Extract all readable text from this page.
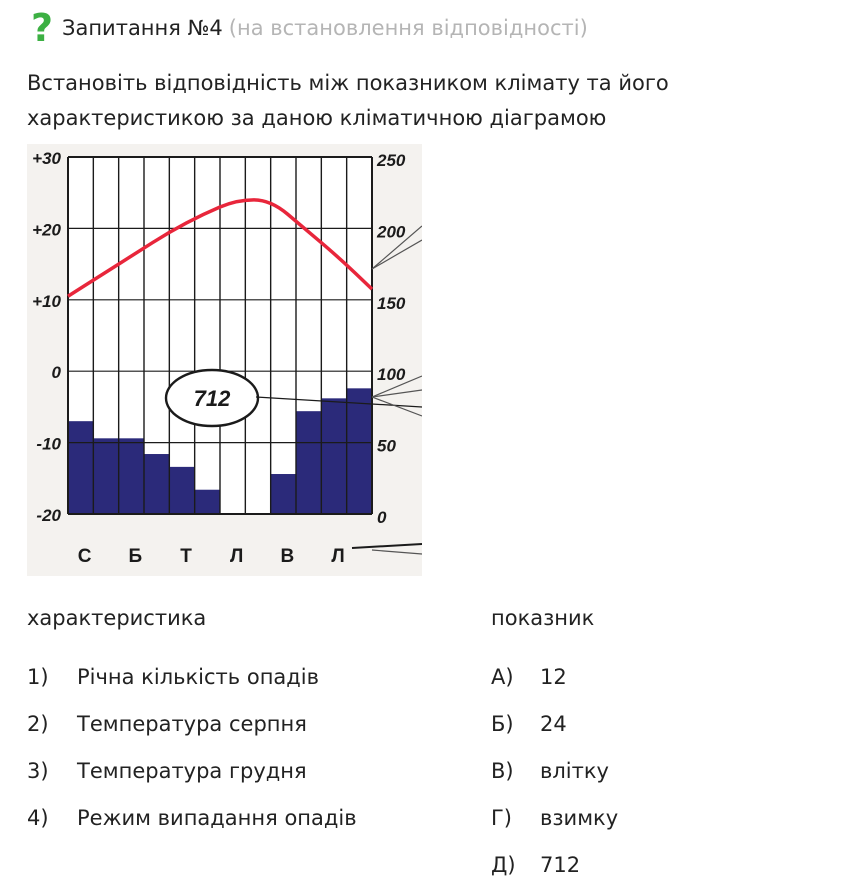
? Запитання №4 (на встановлення відповідності)
Встановіть відповідність між показником клімату та його характеристикою за даною кліматичною діаграмою
712
+30
+20
+10
0
-10
-20
250
200
150
100
50
0
С Б Т Л В Л
характеристика	показник
1)	Річна кількість опадів
2)	Температура серпня
3)	Температура грудня
4)	Режим випадання опадів
А)	12
Б)	24
В)	влітку
Г)	взимку
Д)	712
